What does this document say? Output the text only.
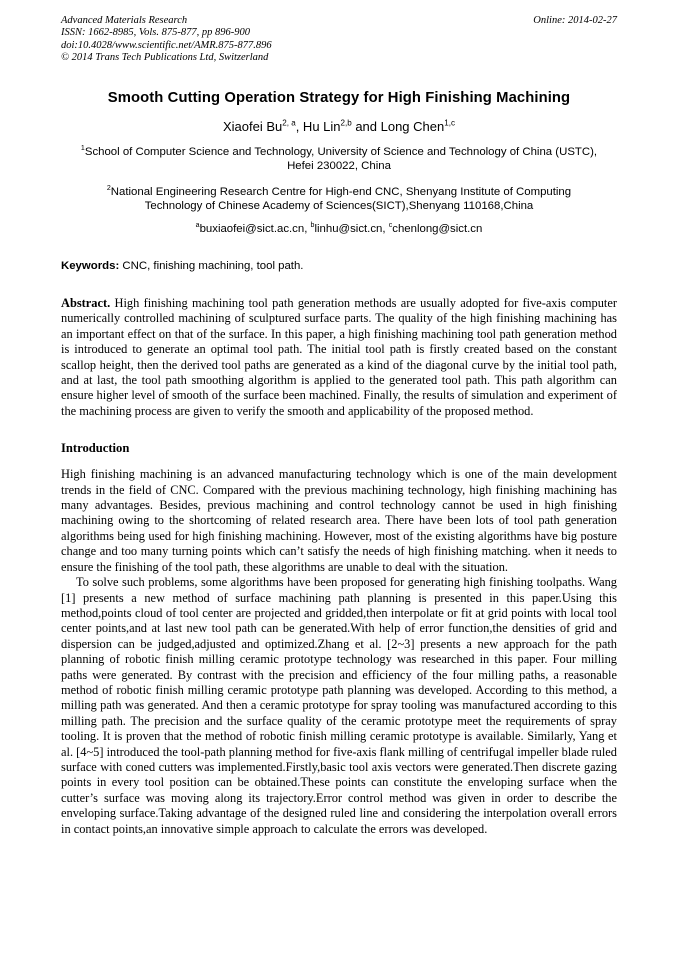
Advanced Materials Research
ISSN: 1662-8985, Vols. 875-877, pp 896-900
doi:10.4028/www.scientific.net/AMR.875-877.896
© 2014 Trans Tech Publications Ltd, Switzerland
Online: 2014-02-27
Smooth Cutting Operation Strategy for High Finishing Machining

Xiaofei Bu$^{2, a}$, Hu Lin$^{2,b}$ and Long Chen$^{1,c}$

$^1$School of Computer Science and Technology, University of Science and Technology of China (USTC), Hefei 230022, China

$^2$National Engineering Research Centre for High-end CNC, Shenyang Institute of Computing Technology of Chinese Academy of Sciences(SICT),Shenyang 110168,China

$^a$buxiaofei@sict.ac.cn, $^b$linhu@sict.cn, $^c$chenlong@sict.cn

Keywords: CNC, finishing machining, tool path.

Abstract. High finishing machining tool path generation methods are usually adopted for five-axis computer numerically controlled machining of sculptured surface parts. The quality of the high finishing machining has an important effect on that of the surface. In this paper, a high finishing machining tool path generation method is introduced to generate an optimal tool path. The initial tool path is firstly created based on the constant scallop height, then the derived tool paths are generated as a kind of the diagonal curve by the initial tool path, and at last, the tool path smoothing algorithm is applied to the generated tool path. This path algorithm can ensure higher level of smooth of the surface been machined. Finally, the results of simulation and experiment of the machining process are given to verify the smooth and applicability of the proposed method.

Introduction

High finishing machining is an advanced manufacturing technology which is one of the main development trends in the field of CNC. Compared with the previous machining technology, high finishing machining has many advantages. Besides, previous machining and control technology cannot be used in high finishing machining owing to the shortcoming of related research area. There have been lots of tool path generation algorithms being used for high finishing machining. However, most of the existing algorithms have big posture change and too many turning points which can’t satisfy the needs of high finishing matching. when it needs to ensure the finishing of the tool path, these algorithms are unable to deal with the situation.

To solve such problems, some algorithms have been proposed for generating high finishing toolpaths. Wang [1] presents a new method of surface machining path planning is presented in this paper.Using this method,points cloud of tool center are projected and gridded,then interpolate or fit at grid points with local tool center points,and at last new tool path can be generated.With help of error function,the densities of grid and dispersion can be judged,adjusted and optimized.Zhang et al. [2~3] presents a new approach for the path planning of robotic finish milling ceramic prototype technology was researched in this paper. Four milling paths were generated. By contrast with the precision and efficiency of the four milling paths, a reasonable method of robotic finish milling ceramic prototype path planning was developed. According to this method, a milling path was generated. And then a ceramic prototype for spray tooling was manufactured according to this milling path. The precision and the surface quality of the ceramic prototype meet the requirements of spray tooling. It is proven that the method of robotic finish milling ceramic prototype is available. Similarly, Yang et al. [4~5] introduced the tool-path planning method for five-axis flank milling of centrifugal impeller blade ruled surface with coned cutters was implemented.Firstly,basic tool axis vectors were generated.Then discrete gazing points in every tool position can be obtained.These points can constitute the enveloping surface when the cutter’s surface was moving along its trajectory.Error control method was given in order to describe the enveloping surface.Taking advantage of the designed ruled line and considering the interpolation overall errors in contact points,an innovative simple approach to calculate the errors was developed.
